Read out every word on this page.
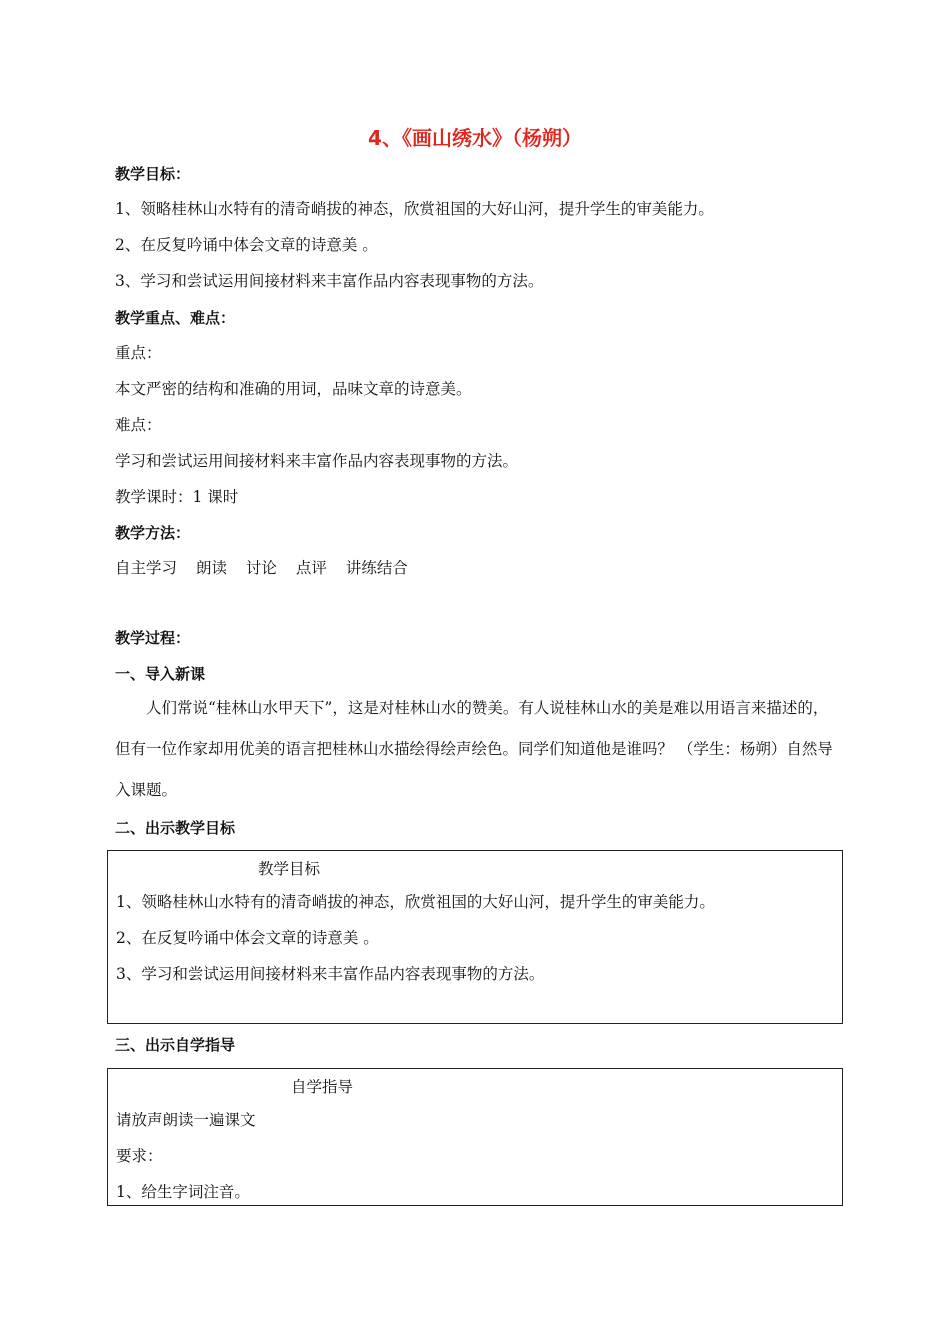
4、《画山绣水》（杨朔）
教学目标：
1、领略桂林山水特有的清奇峭拔的神态，欣赏祖国的大好山河，提升学生的审美能力。
2、在反复吟诵中体会文章的诗意美 。
3、学习和尝试运用间接材料来丰富作品内容表现事物的方法。
教学重点、难点：
重点：
本文严密的结构和准确的用词，品味文章的诗意美。
难点：
学习和尝试运用间接材料来丰富作品内容表现事物的方法。
教学课时：1 课时
教学方法：
自主学习 朗读 讨论 点评 讲练结合
教学过程：
一、导入新课
人们常说“桂林山水甲天下”，这是对桂林山水的赞美。有人说桂林山水的美是难以用语言来描述的，但有一位作家却用优美的语言把桂林山水描绘得绘声绘色。同学们知道他是谁吗？ （学生：杨朔）自然导入课题。
二、出示教学目标
教学目标
1、领略桂林山水特有的清奇峭拔的神态，欣赏祖国的大好山河，提升学生的审美能力。
2、在反复吟诵中体会文章的诗意美 。
3、学习和尝试运用间接材料来丰富作品内容表现事物的方法。
三、出示自学指导
自学指导
请放声朗读一遍课文
要求：
1、给生字词注音。
